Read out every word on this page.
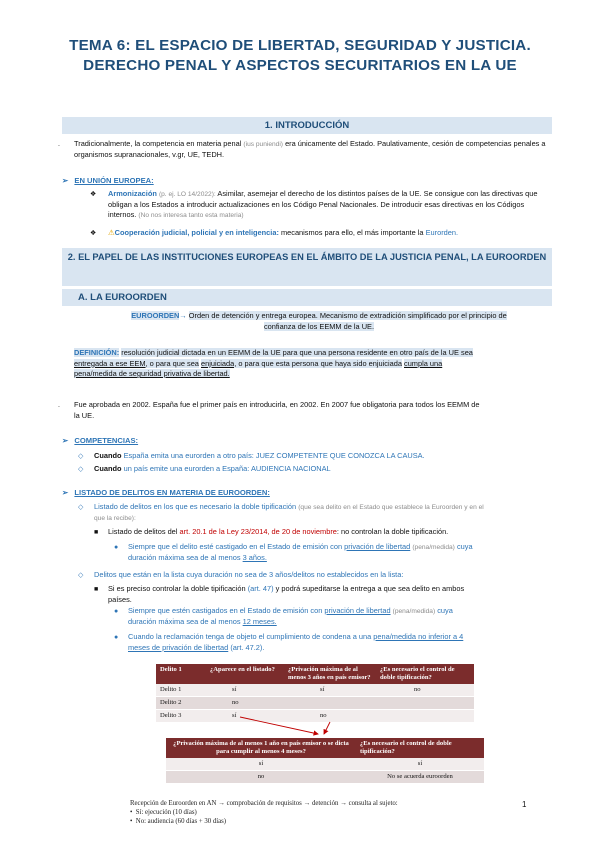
TEMA 6: EL ESPACIO DE LIBERTAD, SEGURIDAD Y JUSTICIA. DERECHO PENAL Y ASPECTOS SECURITARIOS EN LA UE
1. INTRODUCCIÓN
. Tradicionalmente, la competencia en materia penal (ius puniendi) era únicamente del Estado. Paulativamente, cesión de competencias penales a organismos supranacionales, v.gr, UE, TEDH.
➢ EN UNIÓN EUROPEA:
❖ Armonización (p. ej. LO 14/2022): Asimilar, asemejar el derecho de los distintos países de la UE. Se consigue con las directivas que obligan a los Estados a introducir actualizaciones en los Código Penal Nacionales. De introducir esas directivas en los Códigos internos. (No nos interesa tanto esta materia)
❖ ⚠Cooperación judicial, policial y en inteligencia: mecanismos para ello, el más importante la Eurorden.
2. EL PAPEL DE LAS INSTITUCIONES EUROPEAS EN EL ÁMBITO DE LA JUSTICIA PENAL, LA EUROORDEN
A. LA EUROORDEN
EUROORDEN→ Orden de detención y entrega europea. Mecanismo de extradición simplificado por el principio de
confianza de los EEMM de la UE.
DEFINICIÓN: resolución judicial dictada en un EEMM de la UE para que una persona residente en otro país de la UE sea
entregada a ese EEM, o para que sea enjuiciada, o para que esta persona que haya sido enjuiciada cumpla una
pena/medida de seguridad privativa de libertad.
. Fue aprobada en 2002. España fue el primer país en introducirla, en 2002. En 2007 fue obligatoria para todos los EEMM de
la UE.
➢ COMPETENCIAS:
◇ Cuando España emita una eurorden a otro país: JUEZ COMPETENTE QUE CONOZCA LA CAUSA.
◇ Cuando un país emite una eurorden a España: AUDIENCIA NACIONAL
➢ LISTADO DE DELITOS EN MATERIA DE EUROORDEN:
◇ Listado de delitos en los que es necesario la doble tipificación (que sea delito en el Estado que establece la Euroorden y en el
que la recibe):
■ Listado de delitos del art. 20.1 de la Ley 23/2014, de 20 de noviembre: no controlan la doble tipificación.
● Siempre que el delito esté castigado en el Estado de emisión con privación de libertad (pena/medida) cuya
duración máxima sea de al menos 3 años.
◇ Delitos que están en la lista cuya duración no sea de 3 años/delitos no establecidos en la lista:
■ Si es preciso controlar la doble tipificación (art. 47) y podrá supeditarse la entrega a que sea delito en ambos
países.
● Siempre que estén castigados en el Estado de emisión con privación de libertad (pena/medida) cuya
duración máxima sea de al menos 12 meses.
● Cuando la reclamación tenga de objeto el cumplimiento de condena a una pena/medida no inferior a 4
meses de privación de libertad (art. 47.2).
Delito 1	¿Aparece en el listado?	¿Privación máxima de al menos 3 años en país emisor?	¿Es necesario el control de doble tipificación?
Delito 1	sí	sí	no
Delito 2	no		
Delito 3	sí	no	
¿Privación máxima de al menos 1 año en país emisor o se dicta para cumplir al menos 4 meses?	¿Es necesario el control de doble tipificación?
sí	sí
no	No se acuerda euroorden
Recepción de Euroorden en AN → comprobación de requisitos → detención → consulta al sujeto:
•  Sí: ejecución (10 días)
•  No: audiencia (60 días + 30 días)
1
